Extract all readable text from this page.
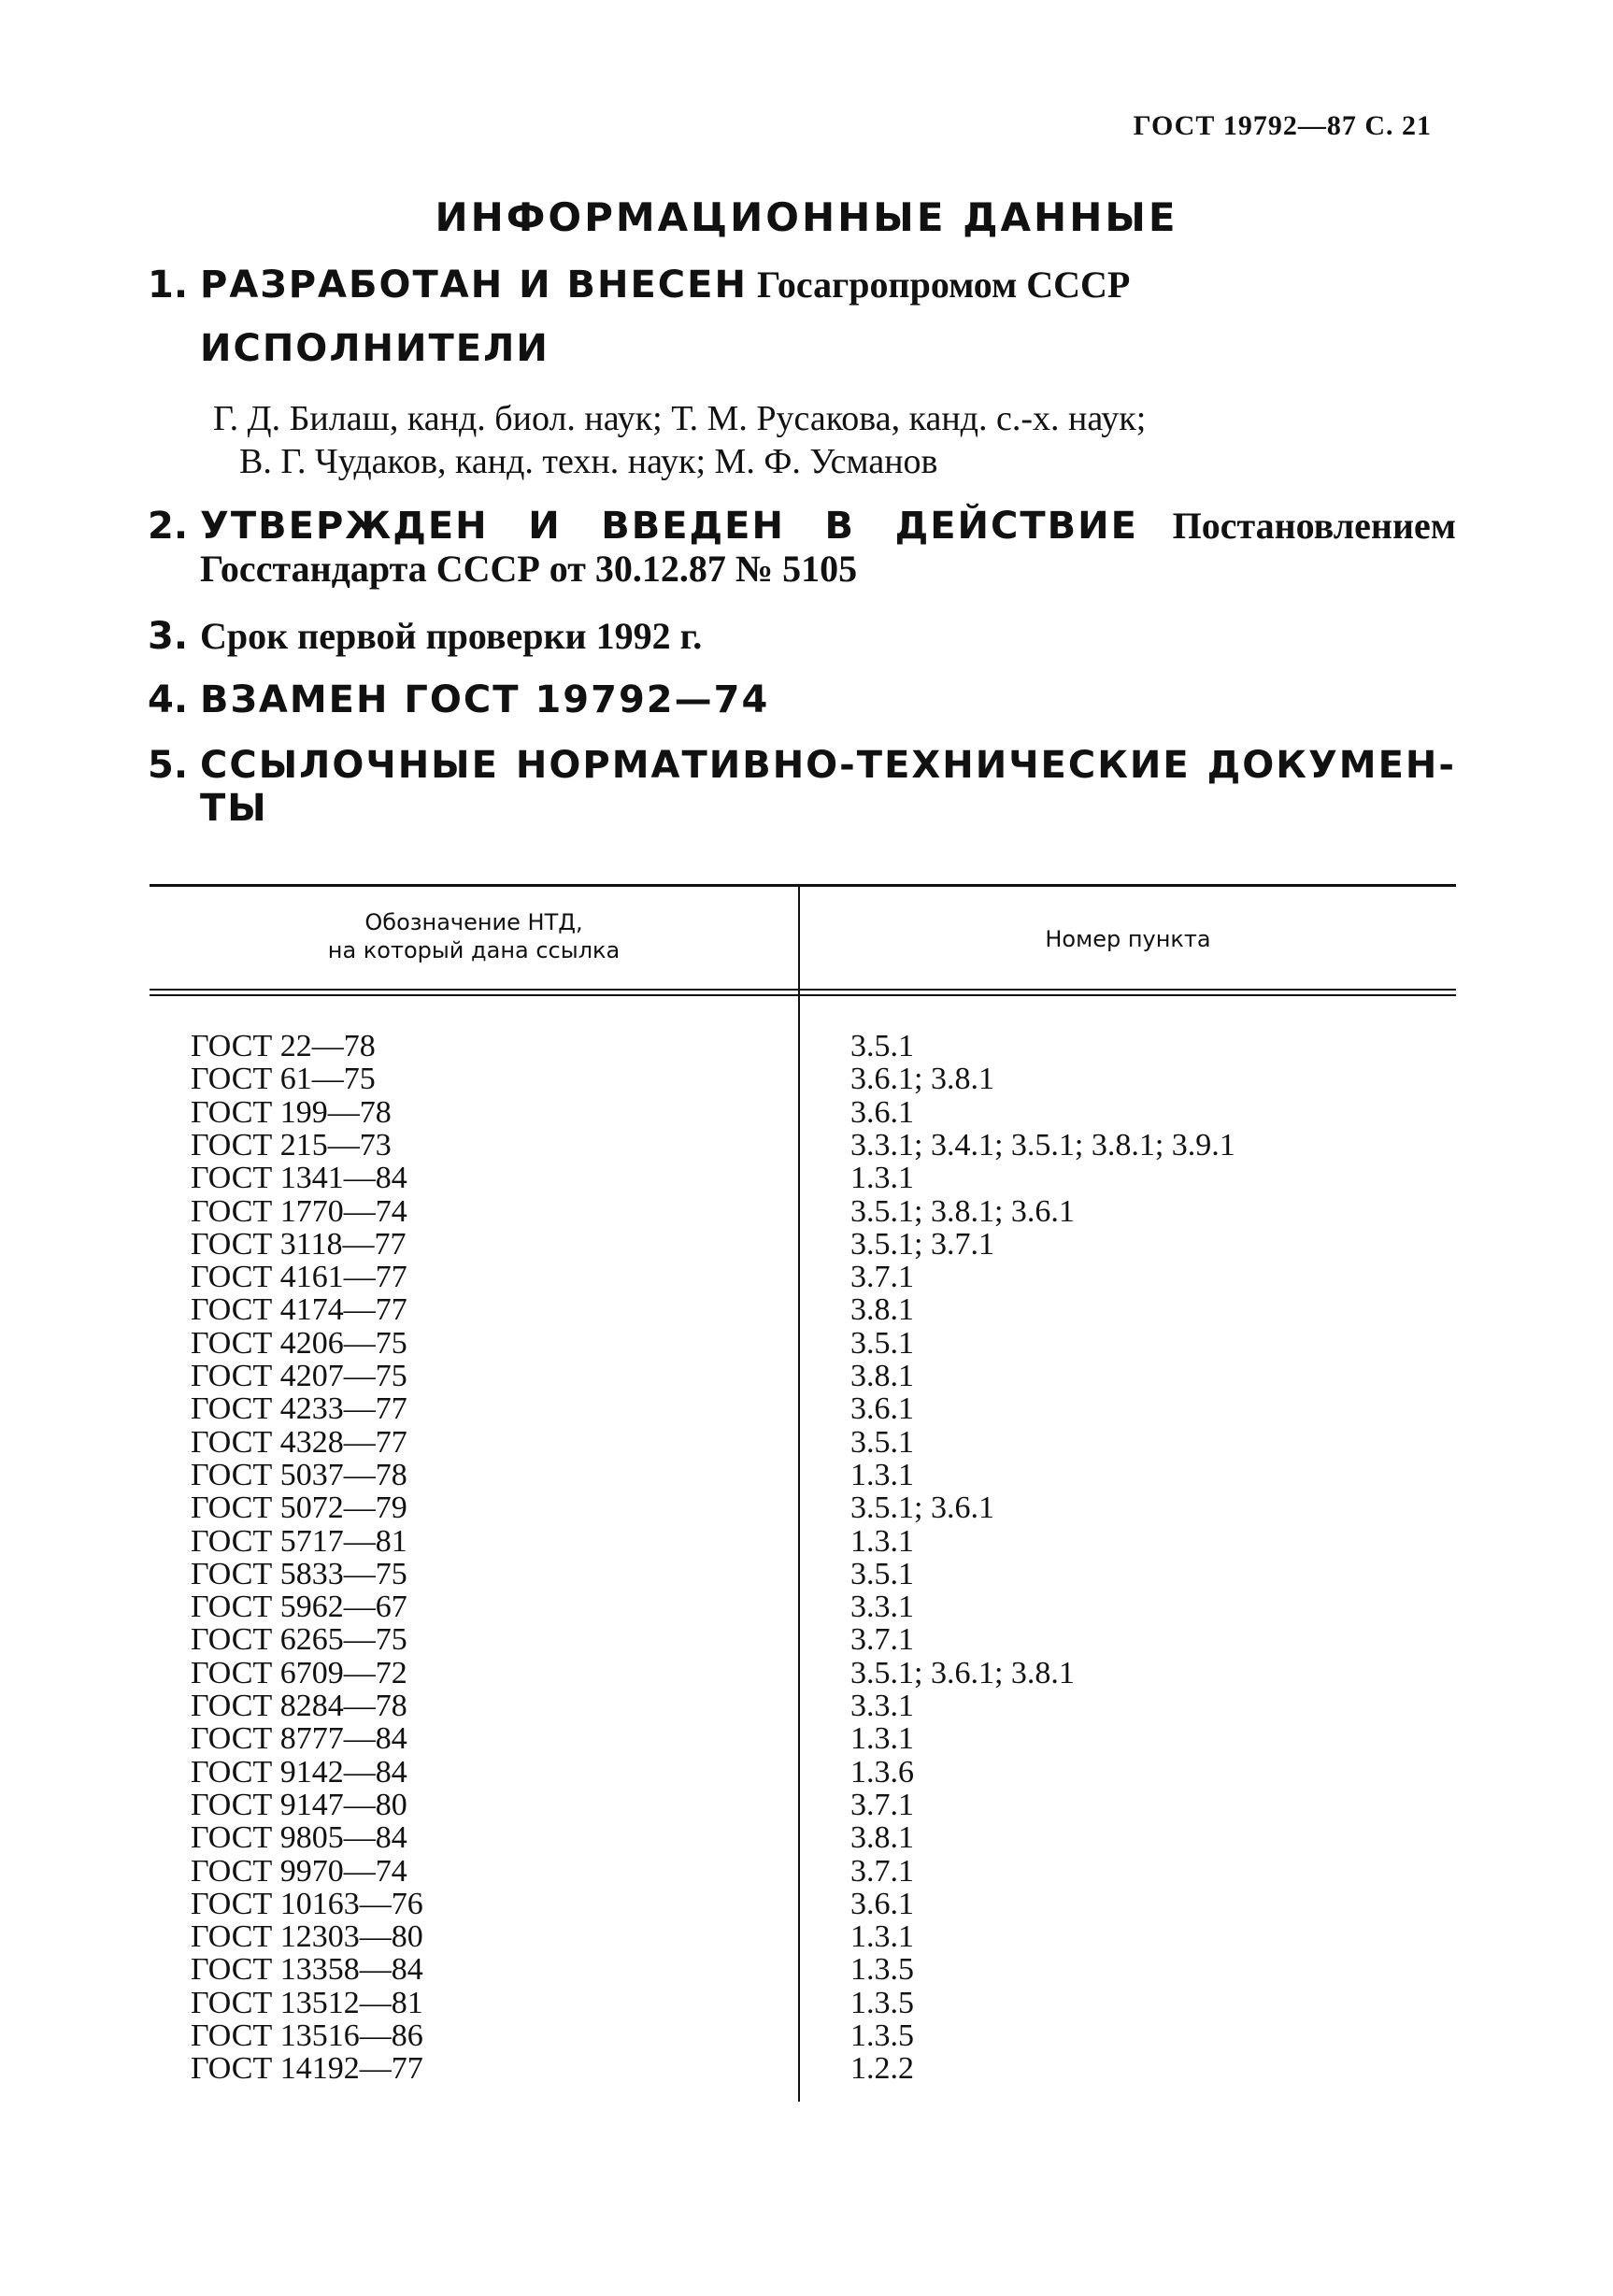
ГОСТ 19792—87 С. 21
ИНФОРМАЦИОННЫЕ ДАННЫЕ
1. РАЗРАБОТАН И ВНЕСЕН Госагропромом СССР
ИСПОЛНИТЕЛИ
Г. Д. Билаш, канд. биол. наук; Т. М. Русакова, канд. с.-х. наук;
В. Г. Чудаков, канд. техн. наук; М. Ф. Усманов
2. УТВЕРЖДЕН И ВВЕДЕН В ДЕЙСТВИЕ Постановлением
Госстандарта СССР от 30.12.87 № 5105
3. Срок первой проверки 1992 г.
4. ВЗАМЕН ГОСТ 19792—74
5. ССЫЛОЧНЫЕ НОРМАТИВНО-ТЕХНИЧЕСКИЕ ДОКУМЕН-
ТЫ
Обозначение НТД,
на который дана ссылка	Номер пункта
ГОСТ 22—78	3.5.1
ГОСТ 61—75	3.6.1; 3.8.1
ГОСТ 199—78	3.6.1
ГОСТ 215—73	3.3.1; 3.4.1; 3.5.1; 3.8.1; 3.9.1
ГОСТ 1341—84	1.3.1
ГОСТ 1770—74	3.5.1; 3.8.1; 3.6.1
ГОСТ 3118—77	3.5.1; 3.7.1
ГОСТ 4161—77	3.7.1
ГОСТ 4174—77	3.8.1
ГОСТ 4206—75	3.5.1
ГОСТ 4207—75	3.8.1
ГОСТ 4233—77	3.6.1
ГОСТ 4328—77	3.5.1
ГОСТ 5037—78	1.3.1
ГОСТ 5072—79	3.5.1; 3.6.1
ГОСТ 5717—81	1.3.1
ГОСТ 5833—75	3.5.1
ГОСТ 5962—67	3.3.1
ГОСТ 6265—75	3.7.1
ГОСТ 6709—72	3.5.1; 3.6.1; 3.8.1
ГОСТ 8284—78	3.3.1
ГОСТ 8777—84	1.3.1
ГОСТ 9142—84	1.3.6
ГОСТ 9147—80	3.7.1
ГОСТ 9805—84	3.8.1
ГОСТ 9970—74	3.7.1
ГОСТ 10163—76	3.6.1
ГОСТ 12303—80	1.3.1
ГОСТ 13358—84	1.3.5
ГОСТ 13512—81	1.3.5
ГОСТ 13516—86	1.3.5
ГОСТ 14192—77	1.2.2
